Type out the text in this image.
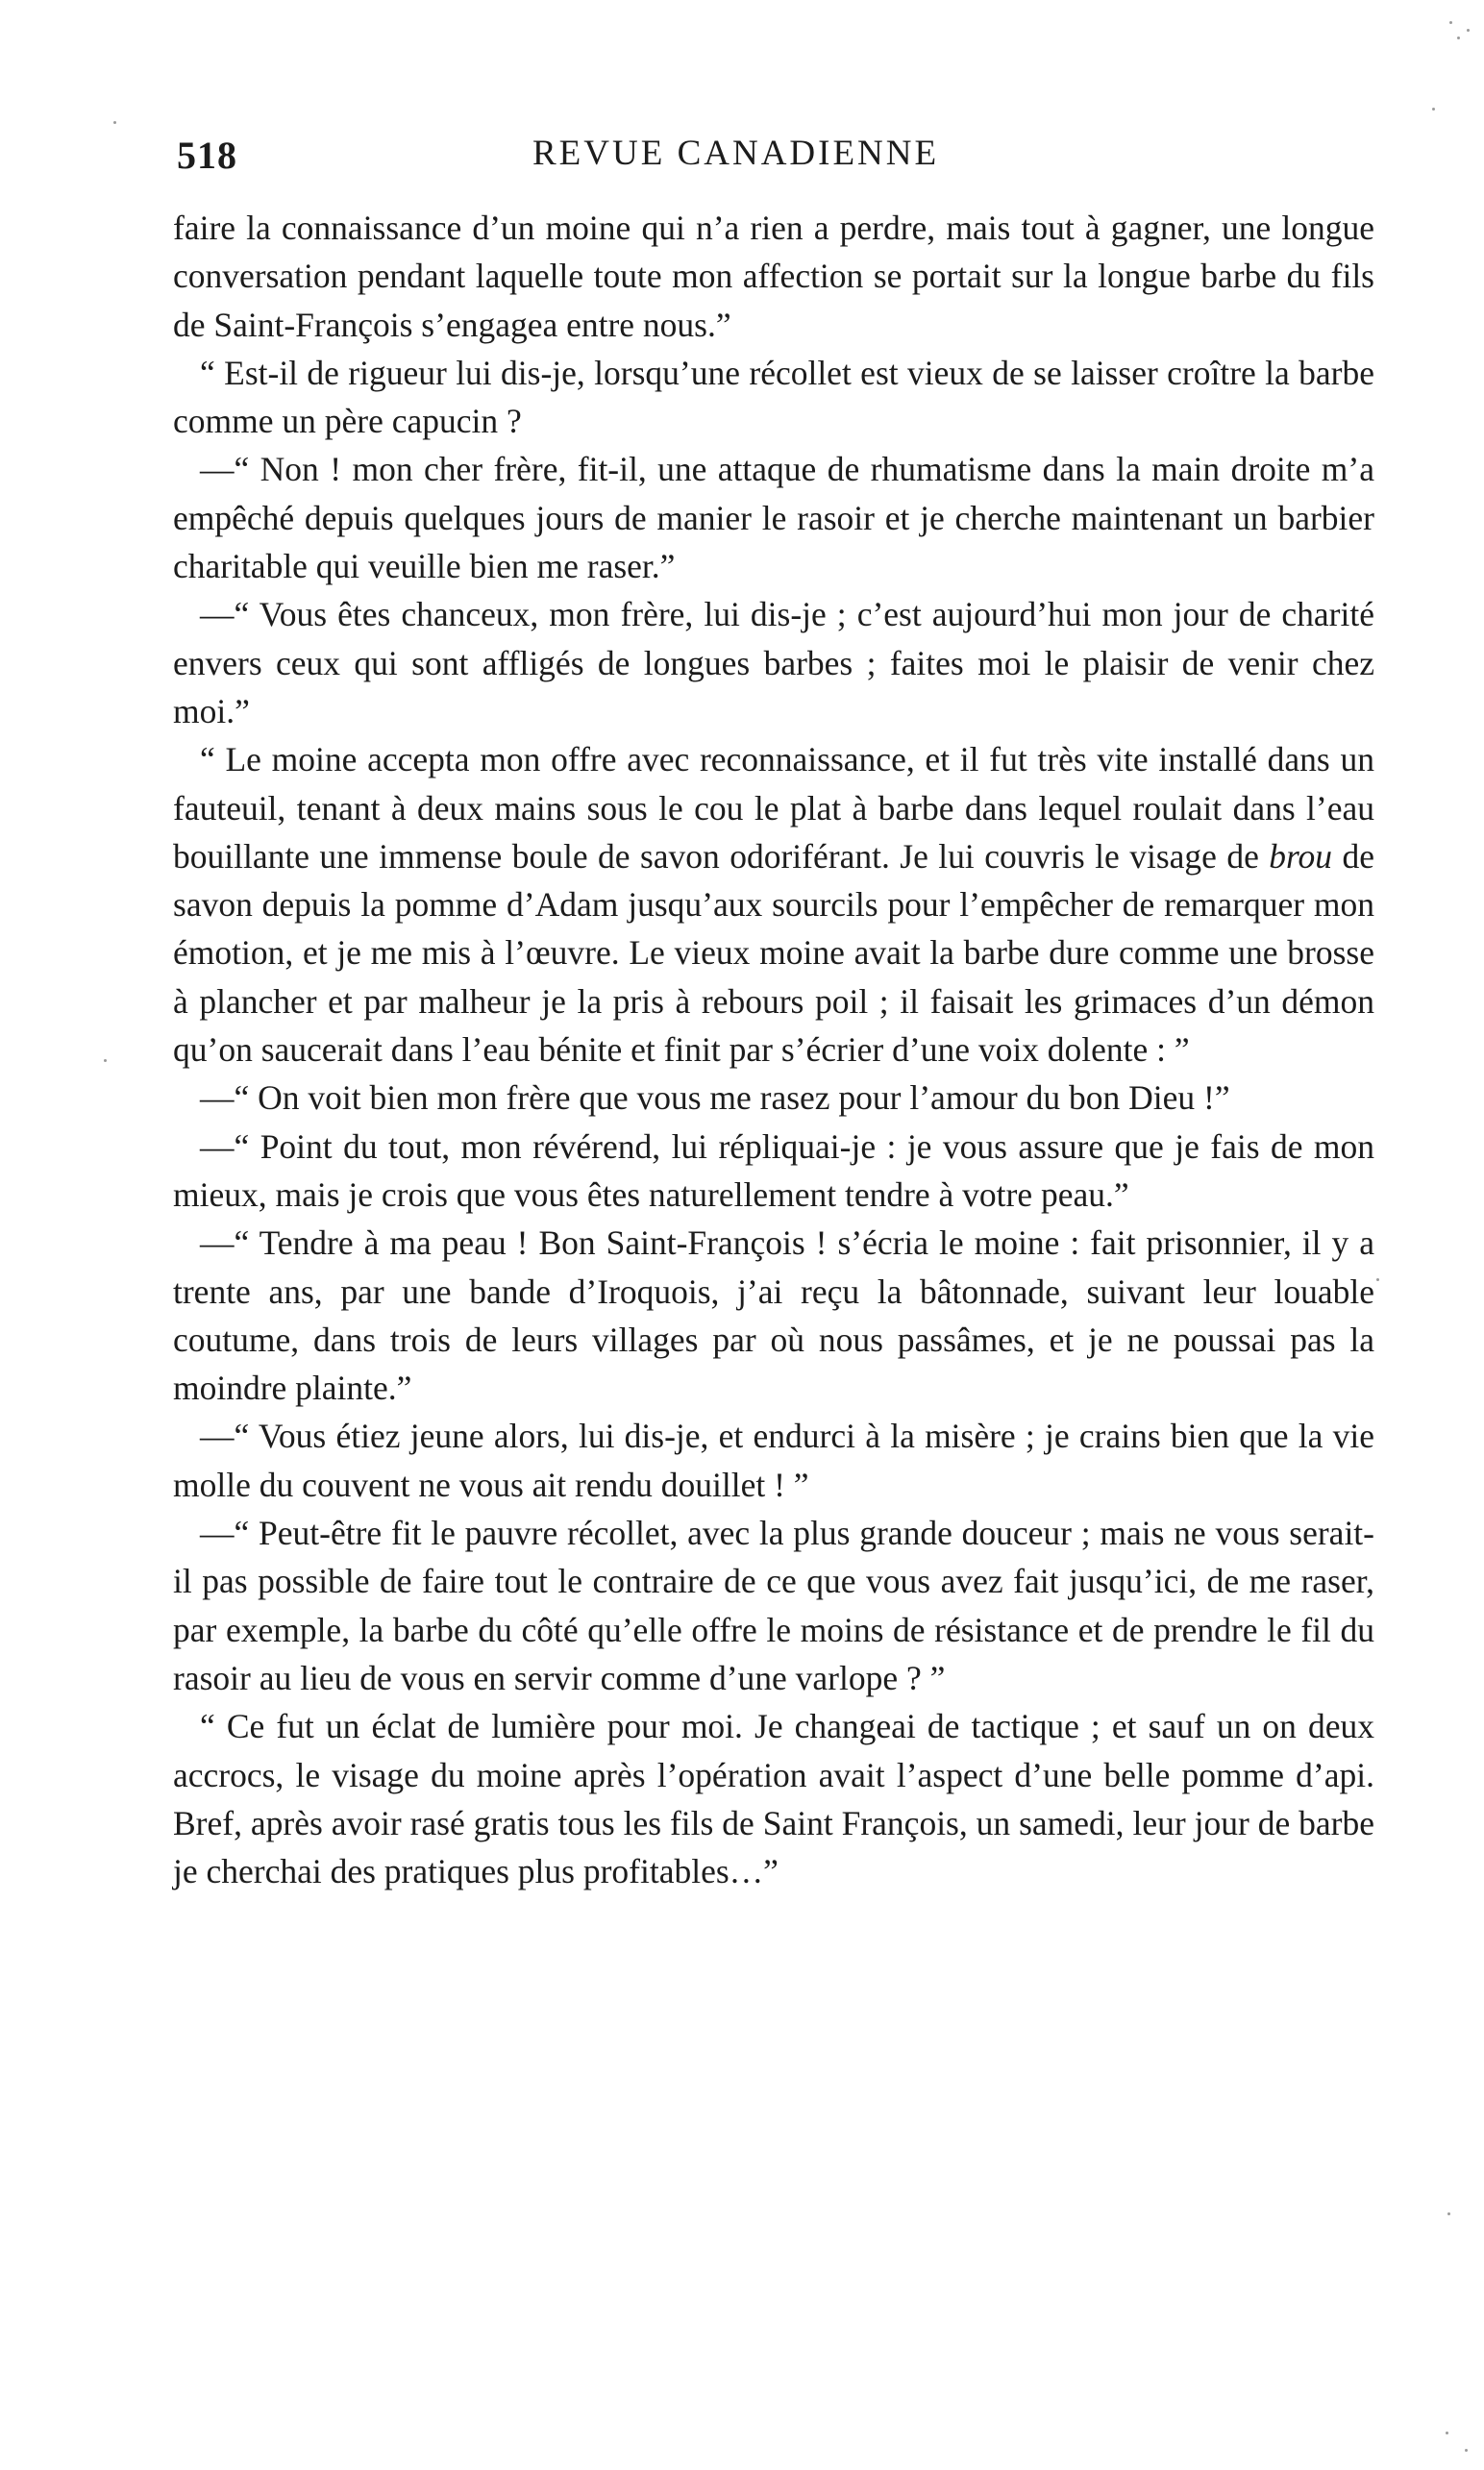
518	REVUE CANADIENNE

faire la connaissance d’un moine qui n’a rien a perdre, mais tout à gagner, une longue conversation pendant laquelle toute mon affection se portait sur la longue barbe du fils de Saint-François s’engagea entre nous.”

“ Est-il de rigueur lui dis-je, lorsqu’une récollet est vieux de se laisser croître la barbe comme un père capucin ?

—“ Non ! mon cher frère, fit-il, une attaque de rhumatisme dans la main droite m’a empêché depuis quelques jours de manier le rasoir et je cherche maintenant un barbier charitable qui veuille bien me raser.”

—“ Vous êtes chanceux, mon frère, lui dis-je ; c’est aujourd’hui mon jour de charité envers ceux qui sont affligés de longues barbes ; faites moi le plaisir de venir chez moi.”

“ Le moine accepta mon offre avec reconnaissance, et il fut très vite installé dans un fauteuil, tenant à deux mains sous le cou le plat à barbe dans lequel roulait dans l’eau bouillante une immense boule de savon odoriférant. Je lui couvris le visage de brou de savon depuis la pomme d’Adam jusqu’aux sourcils pour l’empêcher de remarquer mon émotion, et je me mis à l’œuvre. Le vieux moine avait la barbe dure comme une brosse à plancher et par malheur je la pris à rebours poil ; il faisait les grimaces d’un démon qu’on saucerait dans l’eau bénite et finit par s’écrier d’une voix dolente : ”

—“ On voit bien mon frère que vous me rasez pour l’amour du bon Dieu !”

—“ Point du tout, mon révérend, lui répliquai-je : je vous assure que je fais de mon mieux, mais je crois que vous êtes naturellement tendre à votre peau.”

—“ Tendre à ma peau ! Bon Saint-François ! s’écria le moine : fait prisonnier, il y a trente ans, par une bande d’Iroquois, j’ai reçu la bâtonnade, suivant leur louable coutume, dans trois de leurs villages par où nous passâmes, et je ne poussai pas la moindre plainte.”

—“ Vous étiez jeune alors, lui dis-je, et endurci à la misère ; je crains bien que la vie molle du couvent ne vous ait rendu douillet ! ”

—“ Peut-être fit le pauvre récollet, avec la plus grande douceur ; mais ne vous serait-il pas possible de faire tout le contraire de ce que vous avez fait jusqu’ici, de me raser, par exemple, la barbe du côté qu’elle offre le moins de résistance et de prendre le fil du rasoir au lieu de vous en servir comme d’une varlope ? ”

“ Ce fut un éclat de lumière pour moi. Je changeai de tactique ; et sauf un on deux accrocs, le visage du moine après l’opération avait l’aspect d’une belle pomme d’api. Bref, après avoir rasé gratis tous les fils de Saint François, un samedi, leur jour de barbe je cherchai des pratiques plus profitables…”
